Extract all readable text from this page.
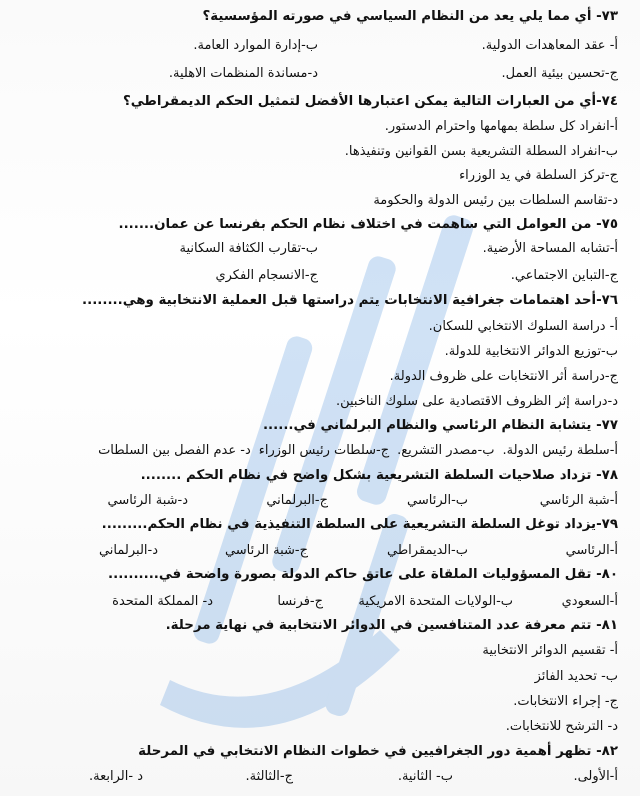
٧٣- أي مما يلي يعد من النظام السياسي في صورته المؤسسية؟
أ- عقد المعاهدات الدولية.
ب-إدارة الموارد العامة.
ج-تحسين بيئية العمل.
د-مساندة المنظمات الاهلية.
٧٤-أي من العبارات التالية يمكن اعتبارها الأفضل لتمثيل الحكم الديمقراطي؟
أ-انفراد كل سلطة بمهامها واحترام الدستور.
ب-انفراد السطلة التشريعية بسن القوانين وتنفيذها.
ج-تركز السلطة في يد الوزراء
د-تقاسم السلطات بين رئيس الدولة والحكومة
٧٥- من العوامل التي ساهمت في اختلاف نظام الحكم بفرنسا عن عمان.......
أ-تشابه المساحة الأرضية.
ب-تقارب الكثافة السكانية
ج-التباين الاجتماعي.
ج-الانسجام الفكري
٧٦-أحد اهتمامات جغرافية الانتخابات يتم دراستها قبل العملية الانتخابية وهي........
أ- دراسة السلوك الانتخابي للسكان.
ب-توزيع الدوائر الانتخابية للدولة.
ج-دراسة أثر الانتخابات على ظروف الدولة.
د-دراسة إثر الظروف الاقتصادية على سلوك الناخبين.
٧٧- يتشابة النظام الرئاسي والنظام البرلماني في......
أ-سلطة رئيس الدولة.
ب-مصدر التشريع.
ج-سلطات رئيس الوزراء
د- عدم الفصل بين السلطات
٧٨- تزداد صلاحيات السلطة التشريعية بشكل واضح في نظام الحكم ........
أ-شبة الرئاسي
ب-الرئاسي
ج-البرلماني
د-شبة الرئاسي
٧٩-يزداد توغل السلطة التشريعية على السلطة التنفيذية في نظام الحكم.........
أ-الرئاسي
ب-الديمقراطي
ج-شبة الرئاسي
د-البرلماني
٨٠- تقل المسؤوليات الملقاة على عاتق حاكم الدولة بصورة واضحة في..........
أ-السعودي
ب-الولايات المتحدة الامريكية
ج-فرنسا
د- المملكة المتحدة
٨١- تتم معرفة عدد المتنافسين في الدوائر الانتخابية في نهاية مرحلة.
أ- تقسيم الدوائر الانتخابية
ب- تحديد الفائز
ج- إجراء الانتخابات.
د- الترشح للانتخابات.
٨٢- تظهر أهمية دور الجغرافيين في خطوات النظام الانتخابي في المرحلة
أ-الأولى.
ب- الثانية.
ج-الثالثة.
د -الرابعة.
